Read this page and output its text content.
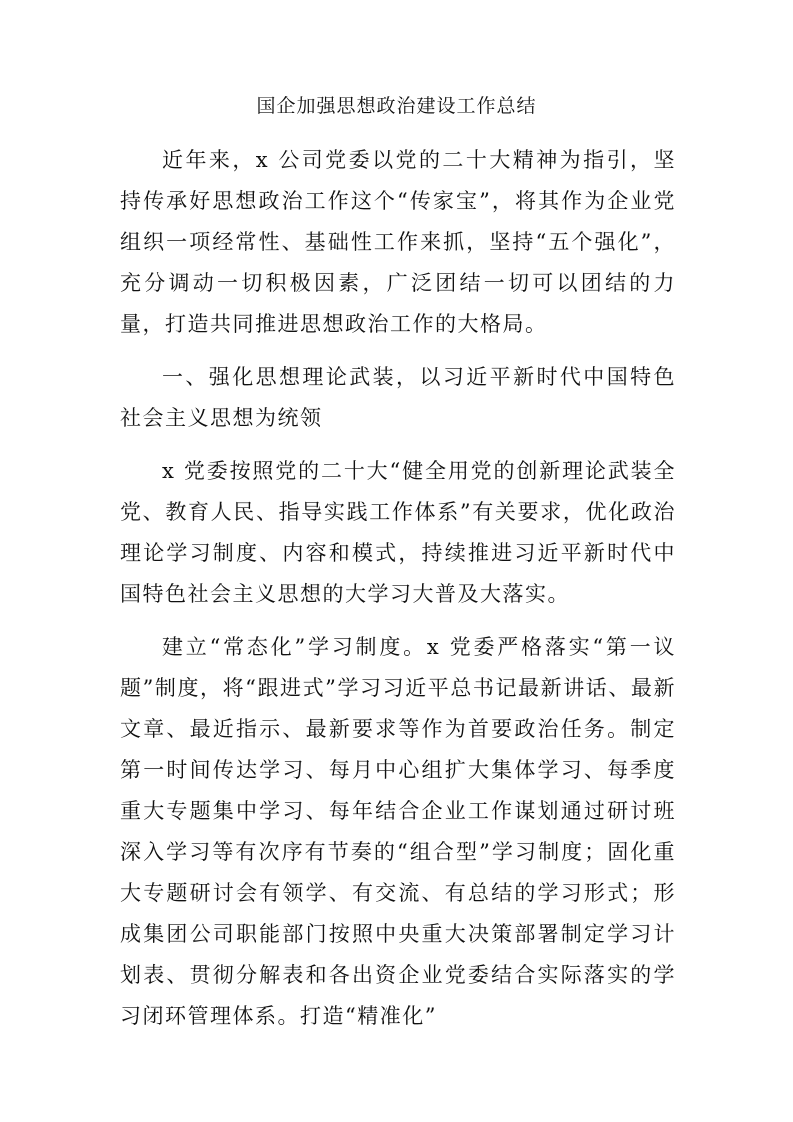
国企加强思想政治建设工作总结

近年来，x 公司党委以党的二十大精神为指引，坚持传承好思想政治工作这个“传家宝”，将其作为企业党组织一项经常性、基础性工作来抓，坚持“五个强化”，充分调动一切积极因素，广泛团结一切可以团结的力量，打造共同推进思想政治工作的大格局。

一、强化思想理论武装，以习近平新时代中国特色社会主义思想为统领

x 党委按照党的二十大“健全用党的创新理论武装全党、教育人民、指导实践工作体系”有关要求，优化政治理论学习制度、内容和模式，持续推进习近平新时代中国特色社会主义思想的大学习大普及大落实。

建立“常态化”学习制度。x 党委严格落实“第一议题”制度，将“跟进式”学习习近平总书记最新讲话、最新文章、最近指示、最新要求等作为首要政治任务。制定第一时间传达学习、每月中心组扩大集体学习、每季度重大专题集中学习、每年结合企业工作谋划通过研讨班深入学习等有次序有节奏的“组合型”学习制度；固化重大专题研讨会有领学、有交流、有总结的学习形式；形成集团公司职能部门按照中央重大决策部署制定学习计划表、贯彻分解表和各出资企业党委结合实际落实的学习闭环管理体系。打造“精准化”
